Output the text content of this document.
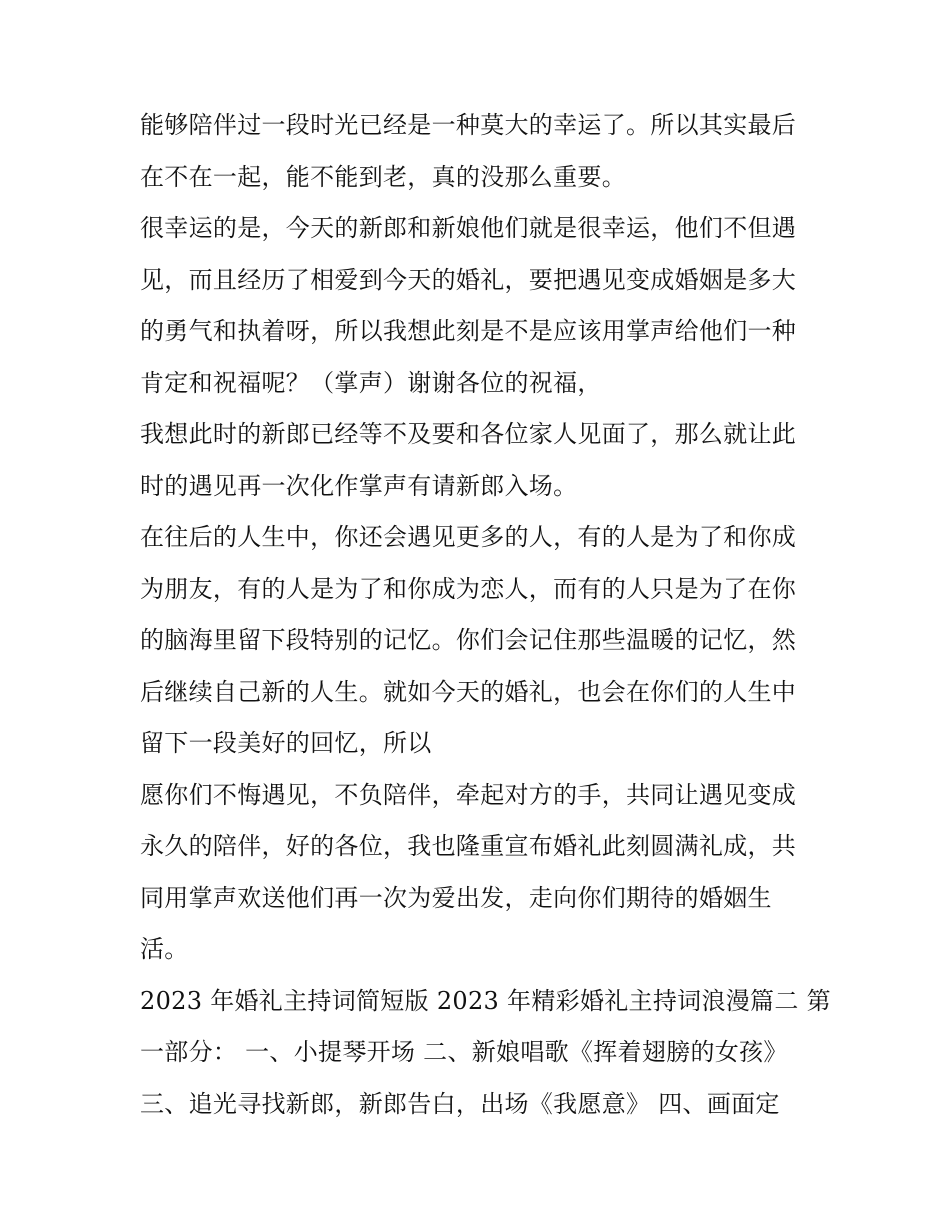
能够陪伴过一段时光已经是一种莫大的幸运了。所以其实最后
在不在一起，能不能到老，真的没那么重要。
很幸运的是，今天的新郎和新娘他们就是很幸运，他们不但遇
见，而且经历了相爱到今天的婚礼，要把遇见变成婚姻是多大
的勇气和执着呀，所以我想此刻是不是应该用掌声给他们一种
肯定和祝福呢？（掌声）谢谢各位的祝福，
我想此时的新郎已经等不及要和各位家人见面了，那么就让此
时的遇见再一次化作掌声有请新郎入场。
在往后的人生中，你还会遇见更多的人，有的人是为了和你成
为朋友，有的人是为了和你成为恋人，而有的人只是为了在你
的脑海里留下段特别的记忆。你们会记住那些温暖的记忆，然
后继续自己新的人生。就如今天的婚礼，也会在你们的人生中
留下一段美好的回忆，所以
愿你们不悔遇见，不负陪伴，牵起对方的手，共同让遇见变成
永久的陪伴，好的各位，我也隆重宣布婚礼此刻圆满礼成，共
同用掌声欢送他们再一次为爱出发，走向你们期待的婚姻生
活。
2023 年婚礼主持词简短版 2023 年精彩婚礼主持词浪漫篇二 第
一部分： 一、小提琴开场 二、新娘唱歌《挥着翅膀的女孩》
三、追光寻找新郎，新郎告白，出场《我愿意》 四、画面定
